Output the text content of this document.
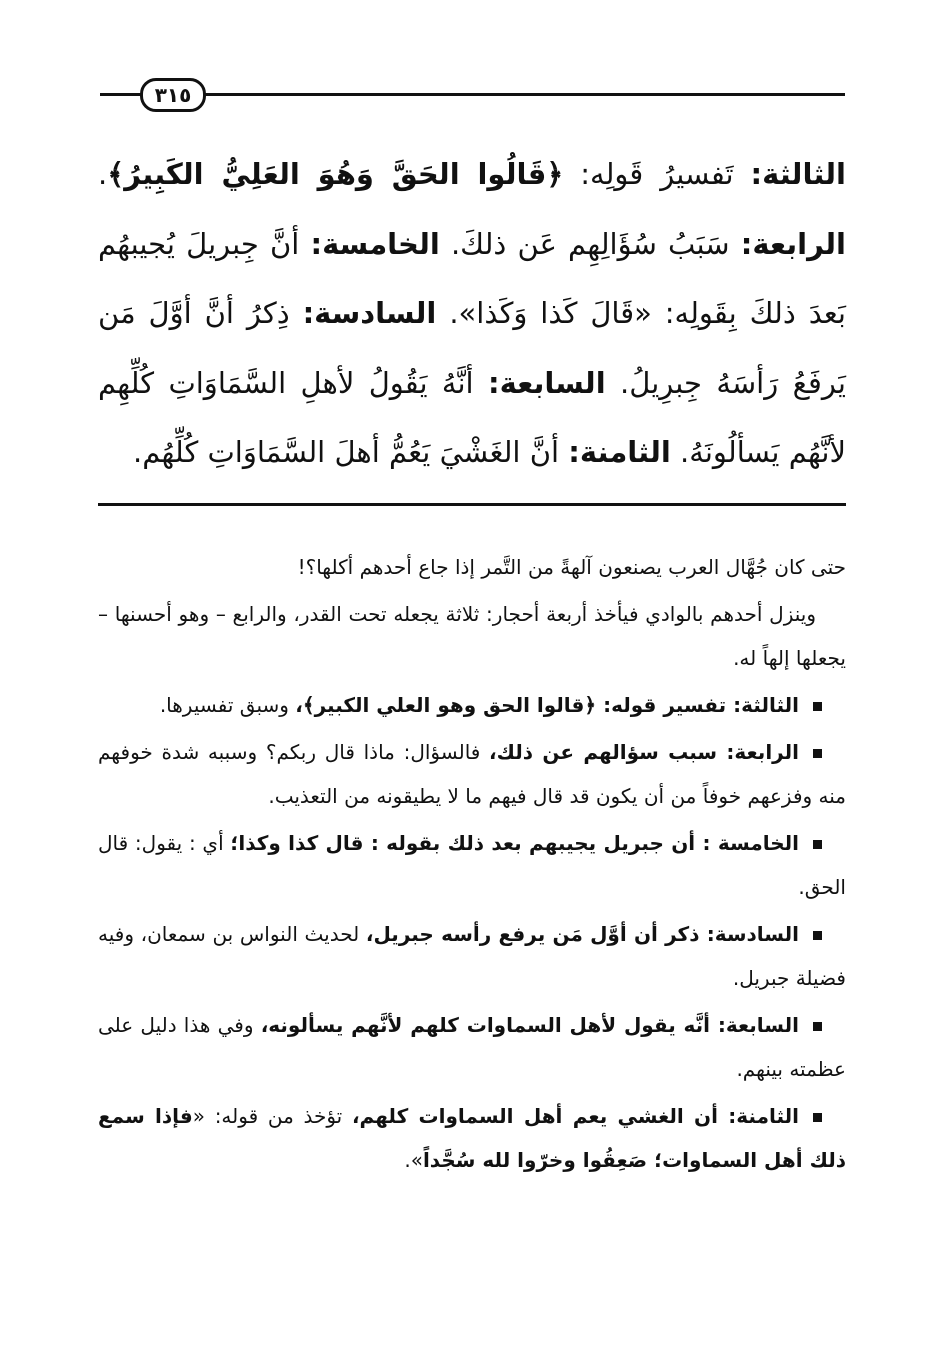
٣١٥
الثالثة: تَفسيرُ قَولِه: ﴿قَالُوا الحَقَّ وَهُوَ العَلِيُّ الكَبِيرُ﴾. الرابعة: سَبَبُ سُؤَالِهِم عَن ذلكَ. الخامسة: أنَّ جِبريلَ يُجيبهُم بَعدَ ذلكَ بِقَولِه: «قَالَ كَذا وَكَذا». السادسة: ذِكرُ أنَّ أوَّلَ مَن يَرفَعُ رَأسَهُ جِبرِيلُ. السابعة: أنَّهُ يَقُولُ لأهلِ السَّمَاوَاتِ كُلِّهِم لأنَّهُم يَسألُونَهُ. الثامنة: أنَّ الغَشْيَ يَعُمُّ أهلَ السَّمَاوَاتِ كُلِّهُم.

حتى كان جُهَّال العرب يصنعون آلهةً من التَّمر إذا جاع أحدهم أكلها؟!

وينزل أحدهم بالوادي فيأخذ أربعة أحجار: ثلاثة يجعله تحت القدر، والرابع – وهو أحسنها – يجعلها إلهاً له.

الثالثة: تفسير قوله: ﴿قالوا الحق وهو العلي الكبير﴾، وسبق تفسيرها.

الرابعة: سبب سؤالهم عن ذلك، فالسؤال: ماذا قال ربكم؟ وسببه شدة خوفهم منه وفزعهم خوفاً من أن يكون قد قال فيهم ما لا يطيقونه من التعذيب.

الخامسة : أن جبريل يجيبهم بعد ذلك بقوله : قال كذا وكذا؛ أي : يقول: قال الحق.

السادسة: ذكر أن أوَّل مَن يرفع رأسه جبريل، لحديث النواس بن سمعان، وفيه فضيلة جبريل.

السابعة: أنَّه يقول لأهل السماوات كلهم لأنَّهم يسألونه، وفي هذا دليل على عظمته بينهم.

الثامنة: أن الغشي يعم أهل السماوات كلهم، تؤخذ من قوله: «فإذا سمع ذلك أهل السماوات؛ صَعِقُوا وخرّوا لله سُجَّداً».
